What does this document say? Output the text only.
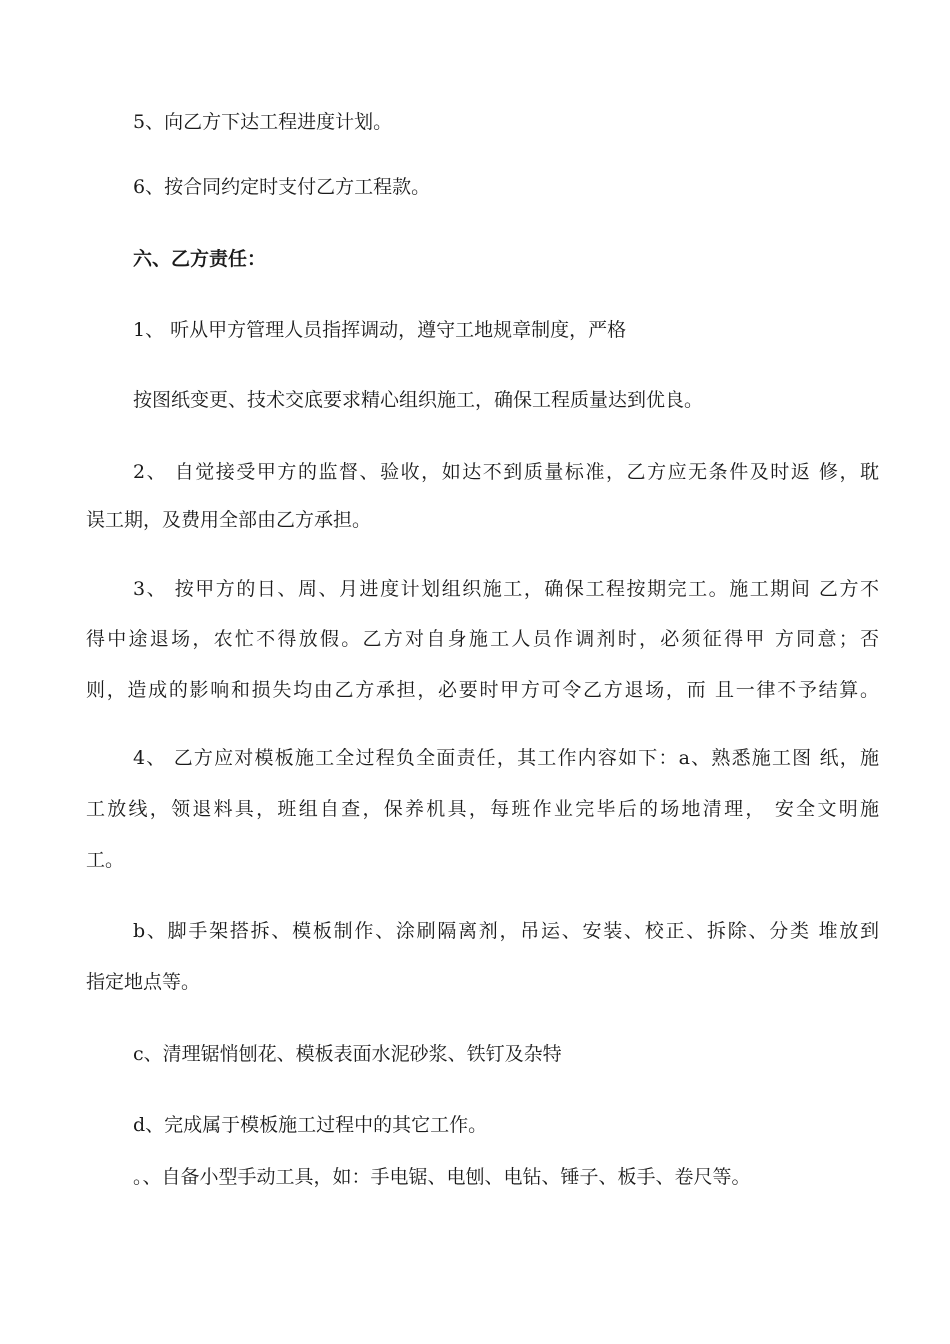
5、向乙方下达工程进度计划。
6、按合同约定时支付乙方工程款。
六、乙方责任：
1、 听从甲方管理人员指挥调动，遵守工地规章制度，严格
按图纸变更、技术交底要求精心组织施工，确保工程质量达到优良。
2、 自觉接受甲方的监督、验收，如达不到质量标准，乙方应无条件及时返 修，耽
误工期，及费用全部由乙方承担。
3、 按甲方的日、周、月进度计划组织施工，确保工程按期完工。施工期间 乙方不
得中途退场，农忙不得放假。乙方对自身施工人员作调剂时，必须征得甲 方同意；否
则，造成的影响和损失均由乙方承担，必要时甲方可令乙方退场，而 且一律不予结算。
4、 乙方应对模板施工全过程负全面责任，其工作内容如下：a、熟悉施工图 纸，施
工放线，领退料具，班组自查，保养机具，每班作业完毕后的场地清理， 安全文明施
工。
b、脚手架搭拆、模板制作、涂刷隔离剂，吊运、安装、校正、拆除、分类 堆放到
指定地点等。
c、清理锯悄刨花、模板表面水泥砂浆、铁钉及杂特
d、完成属于模板施工过程中的其它工作。
。、自备小型手动工具，如：手电锯、电刨、电钻、锤子、板手、卷尺等。
